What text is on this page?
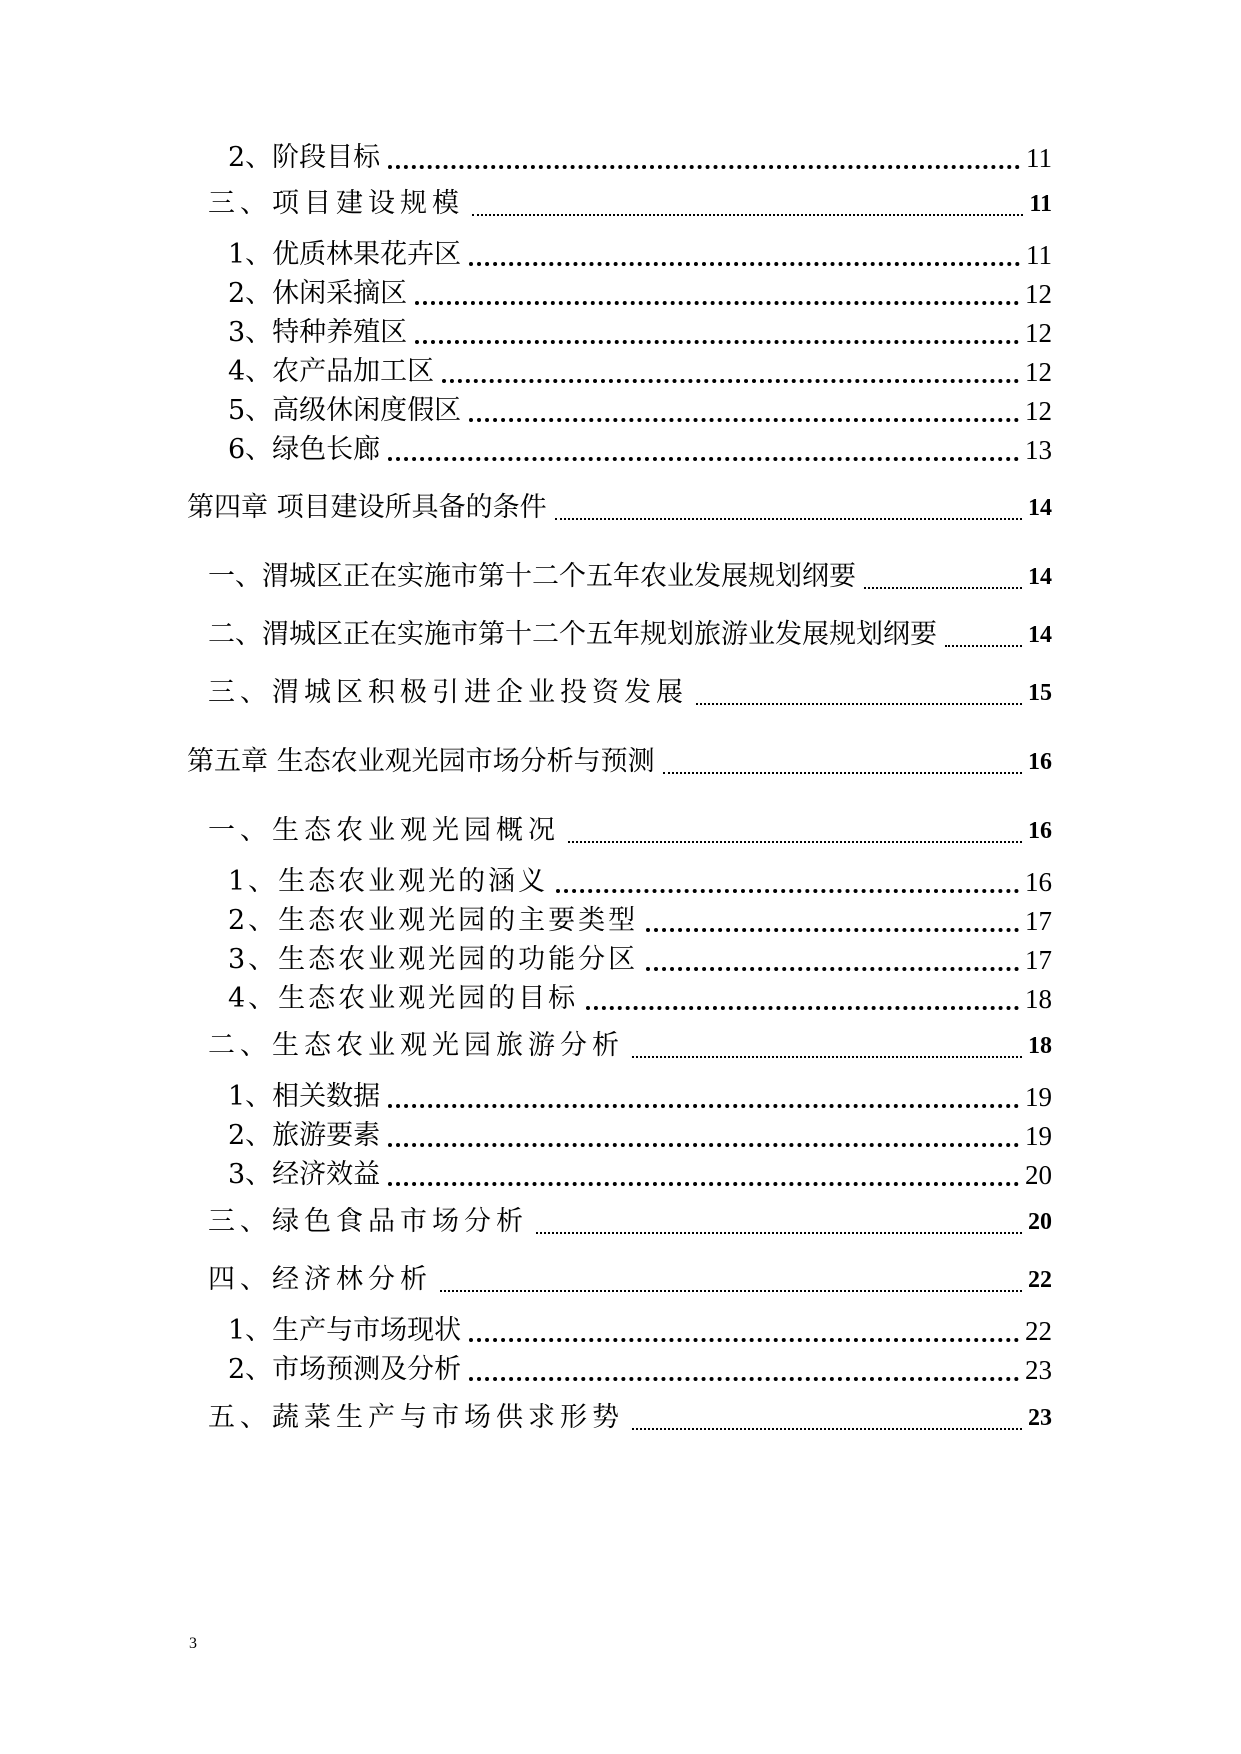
2、阶段目标	11
三、项目建设规模	11
1、优质林果花卉区	11
2、休闲采摘区	12
3、特种养殖区	12
4、农产品加工区	12
5、高级休闲度假区	12
6、绿色长廊	13
第四章 项目建设所具备的条件	14
一、渭城区正在实施市第十二个五年农业发展规划纲要	14
二、渭城区正在实施市第十二个五年规划旅游业发展规划纲要	14
三、渭城区积极引进企业投资发展	15
第五章 生态农业观光园市场分析与预测	16
一、生态农业观光园概况	16
1、生态农业观光的涵义	16
2、生态农业观光园的主要类型	17
3、生态农业观光园的功能分区	17
4、生态农业观光园的目标	18
二、生态农业观光园旅游分析	18
1、相关数据	19
2、旅游要素	19
3、经济效益	20
三、绿色食品市场分析	20
四、经济林分析	22
1、生产与市场现状	22
2、市场预测及分析	23
五、蔬菜生产与市场供求形势	23
3
